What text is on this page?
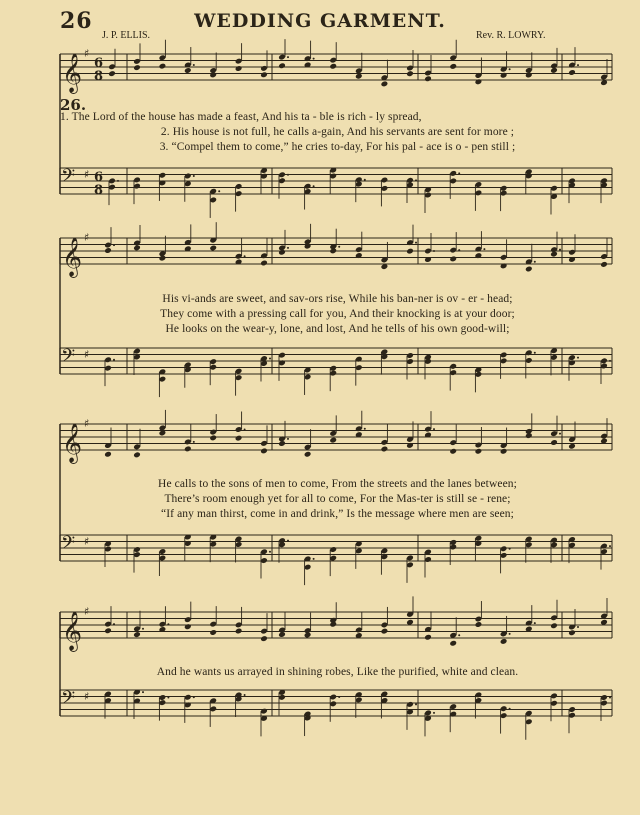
26	WEDDING GARMENT.
J. P. ELLIS.	Rev. R. LOWRY.
26.
𝄞 ♯
6
8
𝄢 ♯ 6
8
𝄞 ♯
𝄢 ♯
𝄞 ♯
𝄢 ♯
𝄞 ♯
𝄢 ♯
1. The Lord of the house has made a feast, And his ta - ble is rich - ly spread,
2. His house is not full, he calls a-gain, And his servants are sent for more ;
3. “Compel them to come,” he cries to-day, For his pal - ace is o - pen still ;
His vi-ands are sweet, and sav-ors rise, While his ban-ner is ov - er - head;
They come with a pressing call for you, And their knocking is at your door;
He looks on the wear-y, lone, and lost, And he tells of his own good-will;
He calls to the sons of men to come, From the streets and the lanes between;
There’s room enough yet for all to come, For the Mas-ter is still se - rene;
“If any man thirst, come in and drink,” Is the message where men are seen;
And he wants us arrayed in shining robes, Like the purified, white and clean.
